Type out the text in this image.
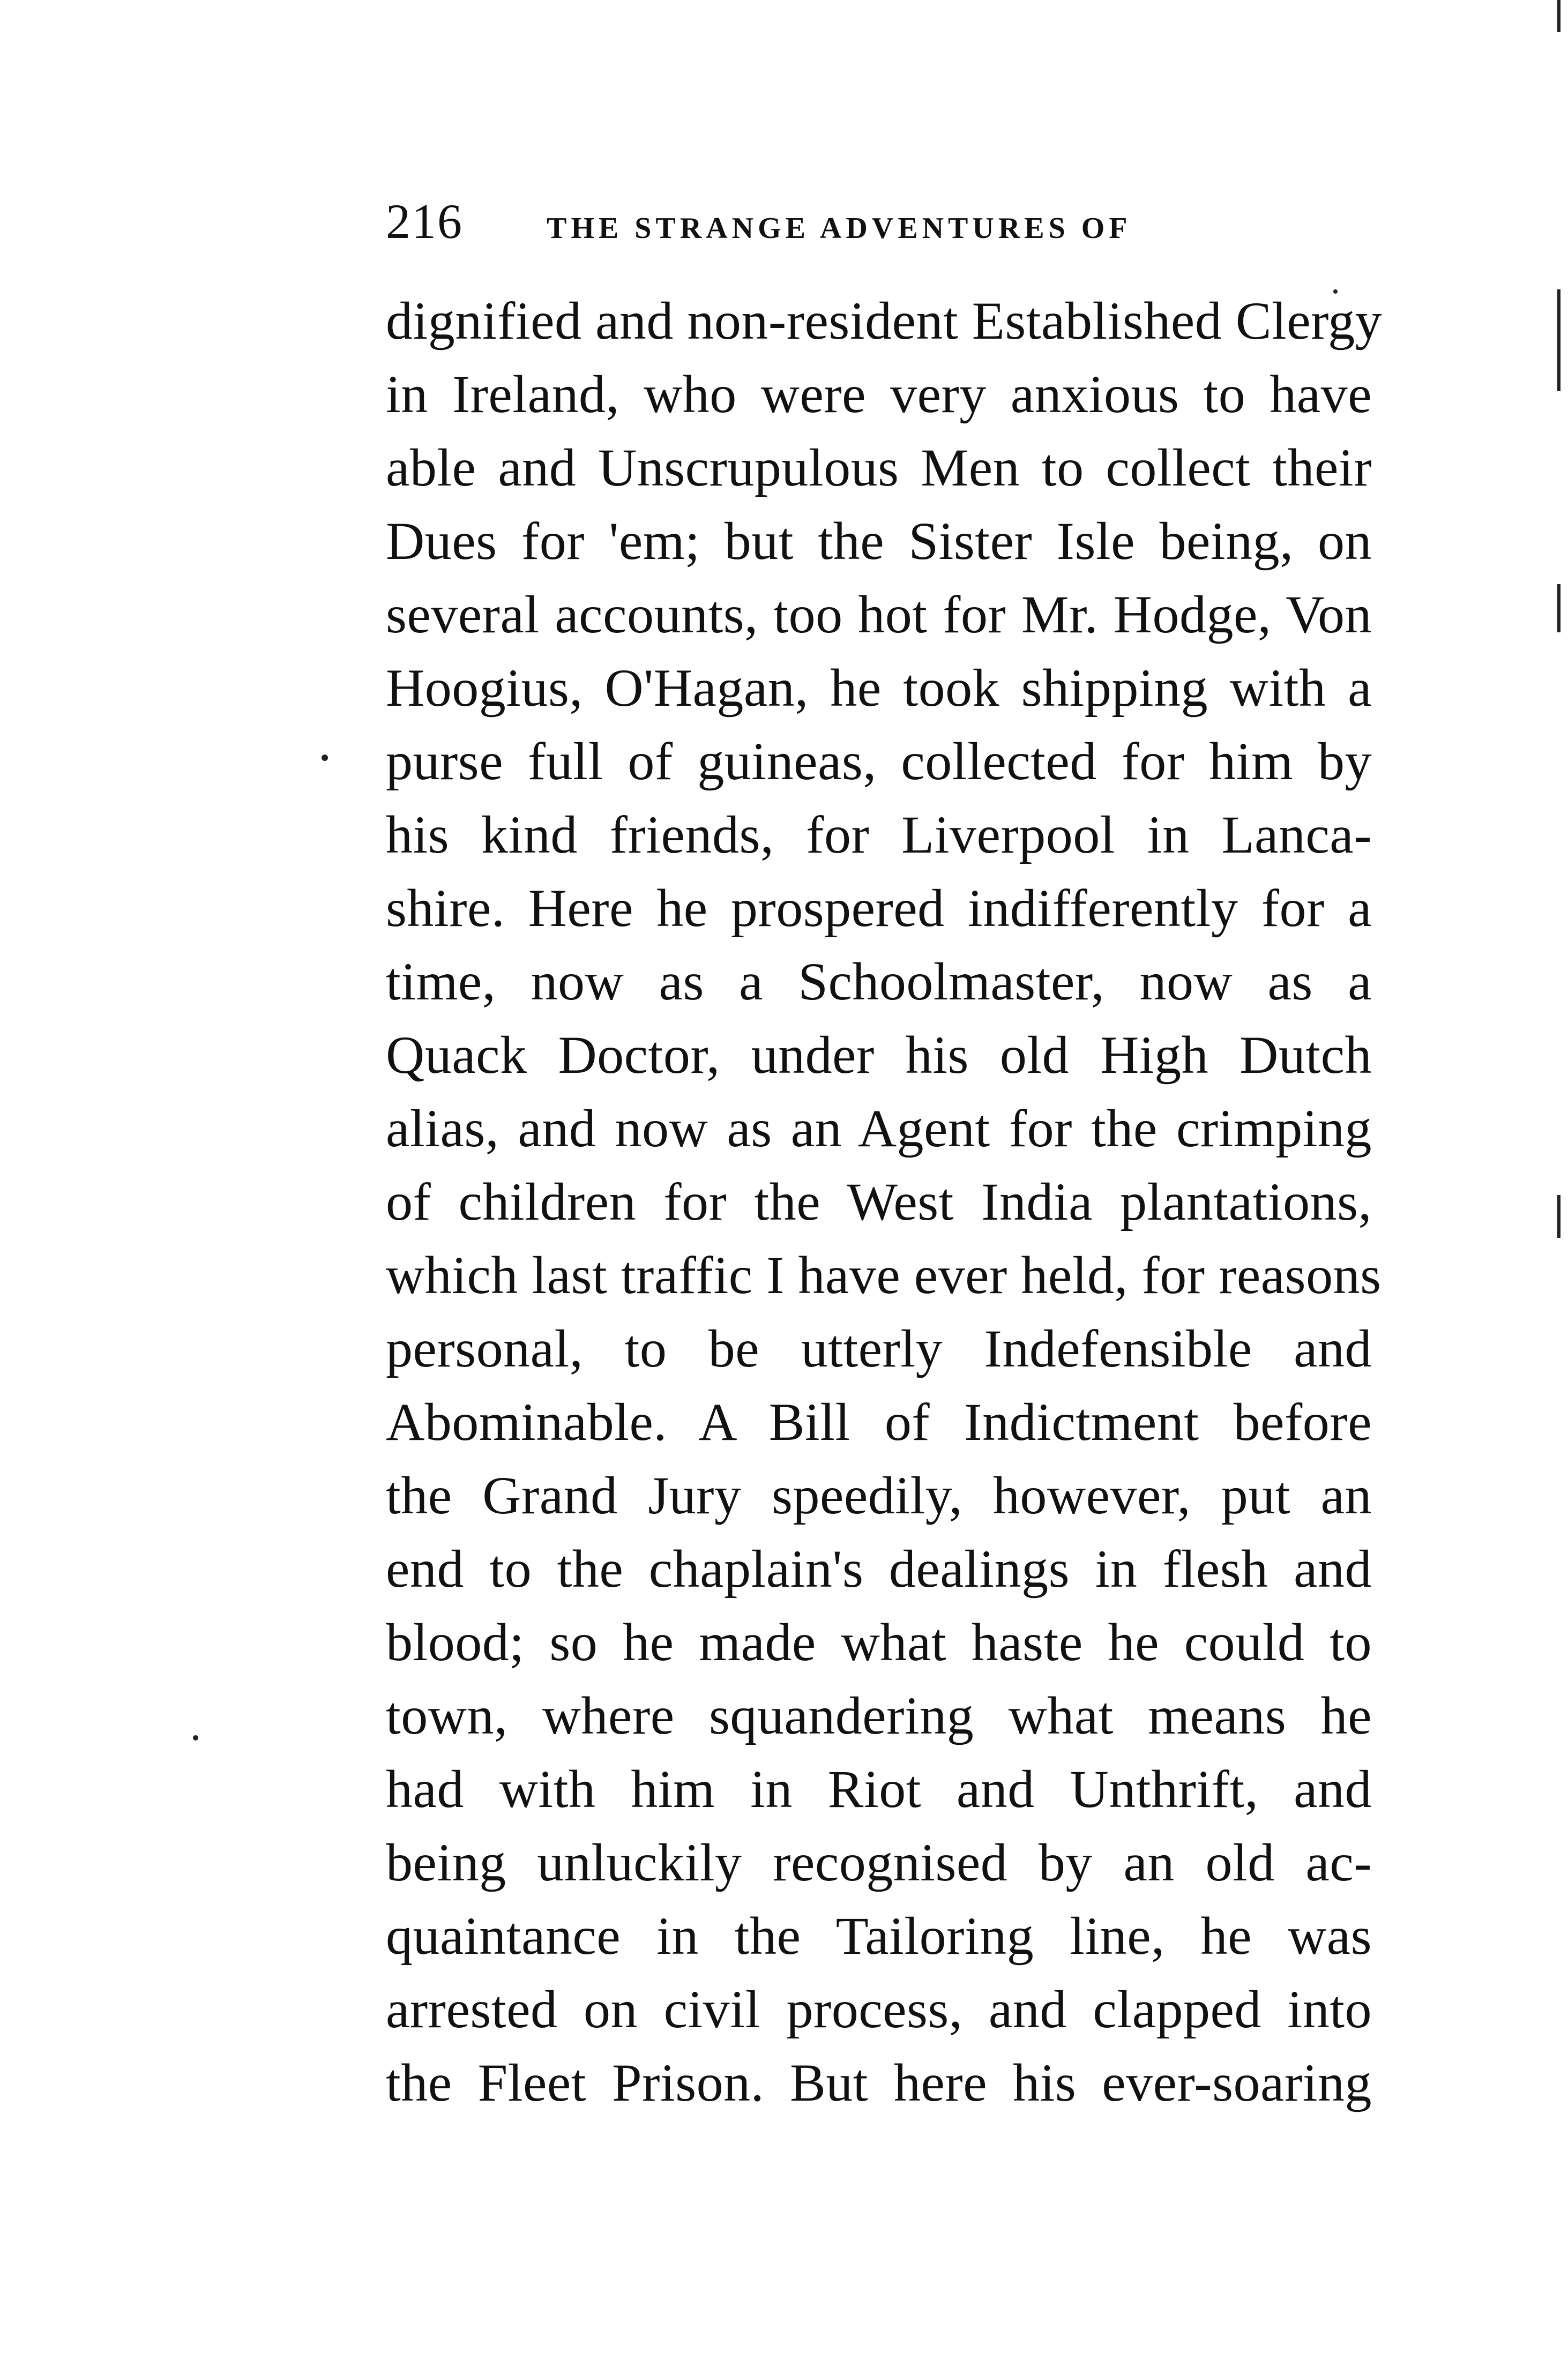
216	THE STRANGE ADVENTURES OF
dignified and non-resident Established Clergy
in Ireland, who were very anxious to have
able and Unscrupulous Men to collect their
Dues for 'em; but the Sister Isle being, on
several accounts, too hot for Mr. Hodge, Von
Hoogius, O'Hagan, he took shipping with a
purse full of guineas, collected for him by
his kind friends, for Liverpool in Lanca-
shire. Here he prospered indifferently for a
time, now as a Schoolmaster, now as a
Quack Doctor, under his old High Dutch
alias, and now as an Agent for the crimping
of children for the West India plantations,
which last traffic I have ever held, for reasons
personal, to be utterly Indefensible and
Abominable. A Bill of Indictment before
the Grand Jury speedily, however, put an
end to the chaplain's dealings in flesh and
blood; so he made what haste he could to
town, where squandering what means he
had with him in Riot and Unthrift, and
being unluckily recognised by an old ac-
quaintance in the Tailoring line, he was
arrested on civil process, and clapped into
the Fleet Prison. But here his ever-soaring
